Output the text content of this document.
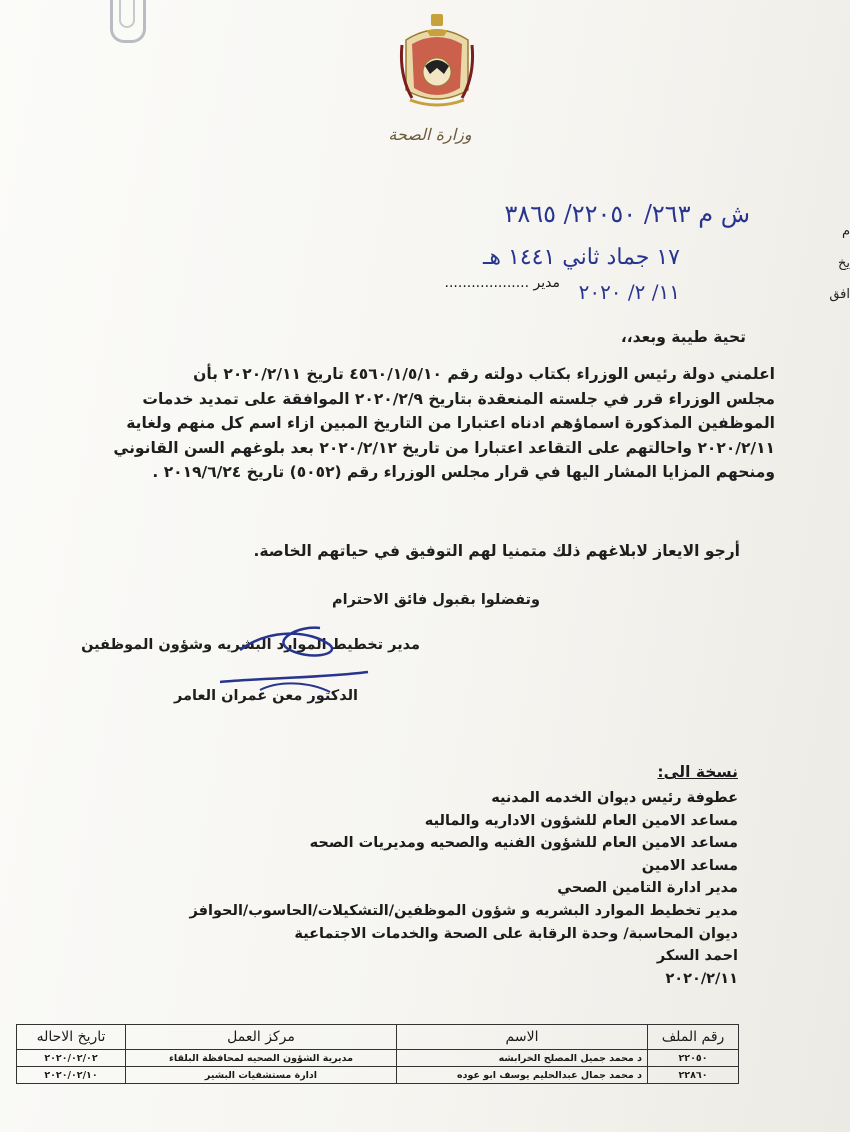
وزارة الصحة
ش م ٢٦٣/ ٢٢٠٥٠/ ٣٨٦٥
م
١٧ جماد ثاني ١٤٤١ هـ	يخ
١١/ ٢/ ٢٠٢٠	افق
مدير ...................
تحية طيبة وبعد،،

اعلمني دولة رئيس الوزراء بكتاب دولته رقم ٤٥٦٠/١/٥/١٠ تاريخ ٢٠٢٠/٢/١١ بأن

مجلس الوزراء قرر في جلسته المنعقدة بتاريخ ٢٠٢٠/٢/٩ الموافقة على تمديد خدمات

الموظفين المذكورة اسماؤهم ادناه اعتبارا من التاريخ المبين ازاء اسم كل منهم ولغاية

٢٠٢٠/٢/١١ واحالتهم على التقاعد اعتبارا من تاريخ ٢٠٢٠/٢/١٢ بعد بلوغهم السن القانوني

ومنحهم المزايا المشار اليها في قرار مجلس الوزراء رقم (٥٠٥٢) تاريخ ٢٠١٩/٦/٢٤ .

أرجو الايعاز لابلاغهم ذلك متمنيا لهم التوفيق في حياتهم الخاصة.
وتفضلوا بقبول فائق الاحترام
مدير تخطيط الموارد البشريه وشؤون الموظفين
الدكتور معن عمران العامر
نسخة الى:
عطوفة رئيس ديوان الخدمه المدنيه
مساعد الامين العام للشؤون الاداريه والماليه
مساعد الامين العام للشؤون الفنيه والصحيه ومديريات الصحه
مساعد الامين
مدير ادارة التامين الصحي
مدير تخطيط الموارد البشريه و شؤون الموظفين/التشكيلات/الحاسوب/الحوافز
ديوان المحاسبة/ وحدة الرقابة على الصحة والخدمات الاجتماعية
احمد السكر
٢٠٢٠/٢/١١
رقم الملف	الاسم	مركز العمل	تاريخ الاحاله
٢٢٠٥٠	د محمد جميل المصلح الخرابشه	مديرية الشؤون الصحيه لمحافظة البلقاء	٢٠٢٠/٠٢/٠٢
٢٢٨٦٠	د محمد جمال عبدالحليم يوسف ابو عوده	ادارة مستشفيات البشير	٢٠٢٠/٠٢/١٠
